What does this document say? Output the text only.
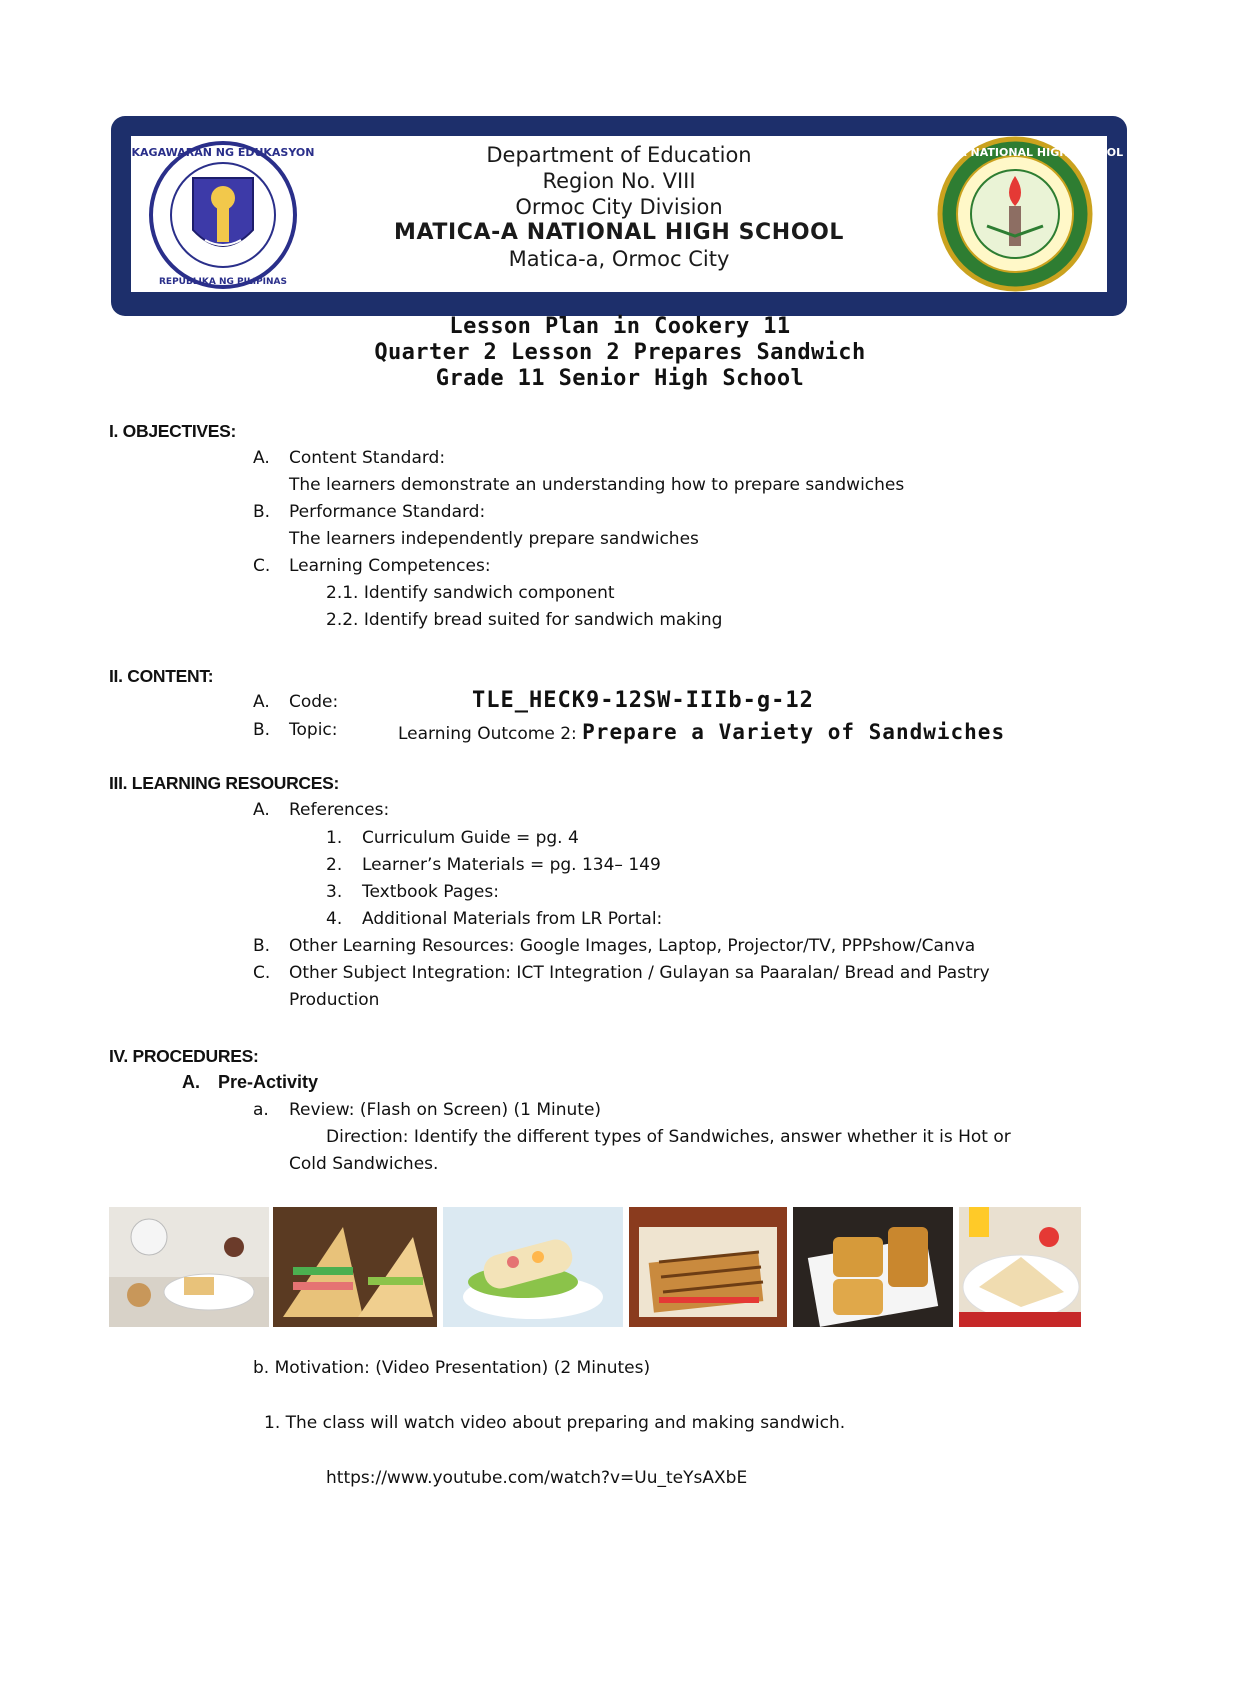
KAGAWARAN NG EDUKASYON
REPUBLIKA NG PILIPINAS
Department of Education
Region No. VIII
Ormoc City Division
MATICA-A NATIONAL HIGH SCHOOL
Matica-a, Ormoc City
MATICA-A NATIONAL HIGH SCHOOL
Lesson Plan in Cookery 11
Quarter 2 Lesson 2 Prepares Sandwich
Grade 11 Senior High School
I. OBJECTIVES:
A. Content Standard:
The learners demonstrate an understanding how to prepare sandwiches
B. Performance Standard:
The learners independently prepare sandwiches
C. Learning Competences:
2.1. Identify sandwich component
2.2. Identify bread suited for sandwich making
II. CONTENT:
A. Code:	TLE_HECK9-12SW-IIIb-g-12
B. Topic:	Learning Outcome 2: Prepare a Variety of Sandwiches
III. LEARNING RESOURCES:
A. References:
1. Curriculum Guide = pg. 4
2. Learner’s Materials = pg. 134– 149
3. Textbook Pages:
4. Additional Materials from LR Portal:
B. Other Learning Resources: Google Images, Laptop, Projector/TV, PPPshow/Canva
C. Other Subject Integration: ICT Integration / Gulayan sa Paaralan/ Bread and Pastry
Production
IV. PROCEDURES:
A. Pre-Activity
a. Review: (Flash on Screen) (1 Minute)
Direction: Identify the different types of Sandwiches, answer whether it is Hot or
Cold Sandwiches.
b. Motivation: (Video Presentation) (2 Minutes)
1. The class will watch video about preparing and making sandwich.
https://www.youtube.com/watch?v=Uu_teYsAXbE
